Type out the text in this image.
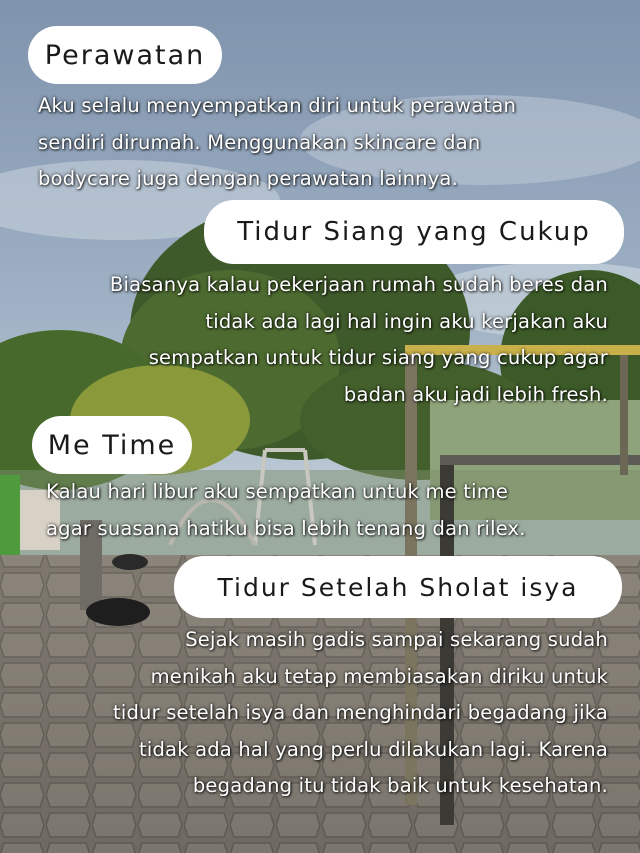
Perawatan
Aku selalu menyempatkan diri untuk perawatan
sendiri dirumah. Menggunakan skincare dan
bodycare juga dengan perawatan lainnya.
Tidur Siang yang Cukup
Biasanya kalau pekerjaan rumah sudah beres dan
tidak ada lagi hal ingin aku kerjakan aku
sempatkan untuk tidur siang yang cukup agar
badan aku jadi lebih fresh.
Me Time
Kalau hari libur aku sempatkan untuk me time
agar suasana hatiku bisa lebih tenang dan rilex.
Tidur Setelah Sholat isya
Sejak masih gadis sampai sekarang sudah
menikah aku tetap membiasakan diriku untuk
tidur setelah isya dan menghindari begadang jika
tidak ada hal yang perlu dilakukan lagi. Karena
begadang itu tidak baik untuk kesehatan.
